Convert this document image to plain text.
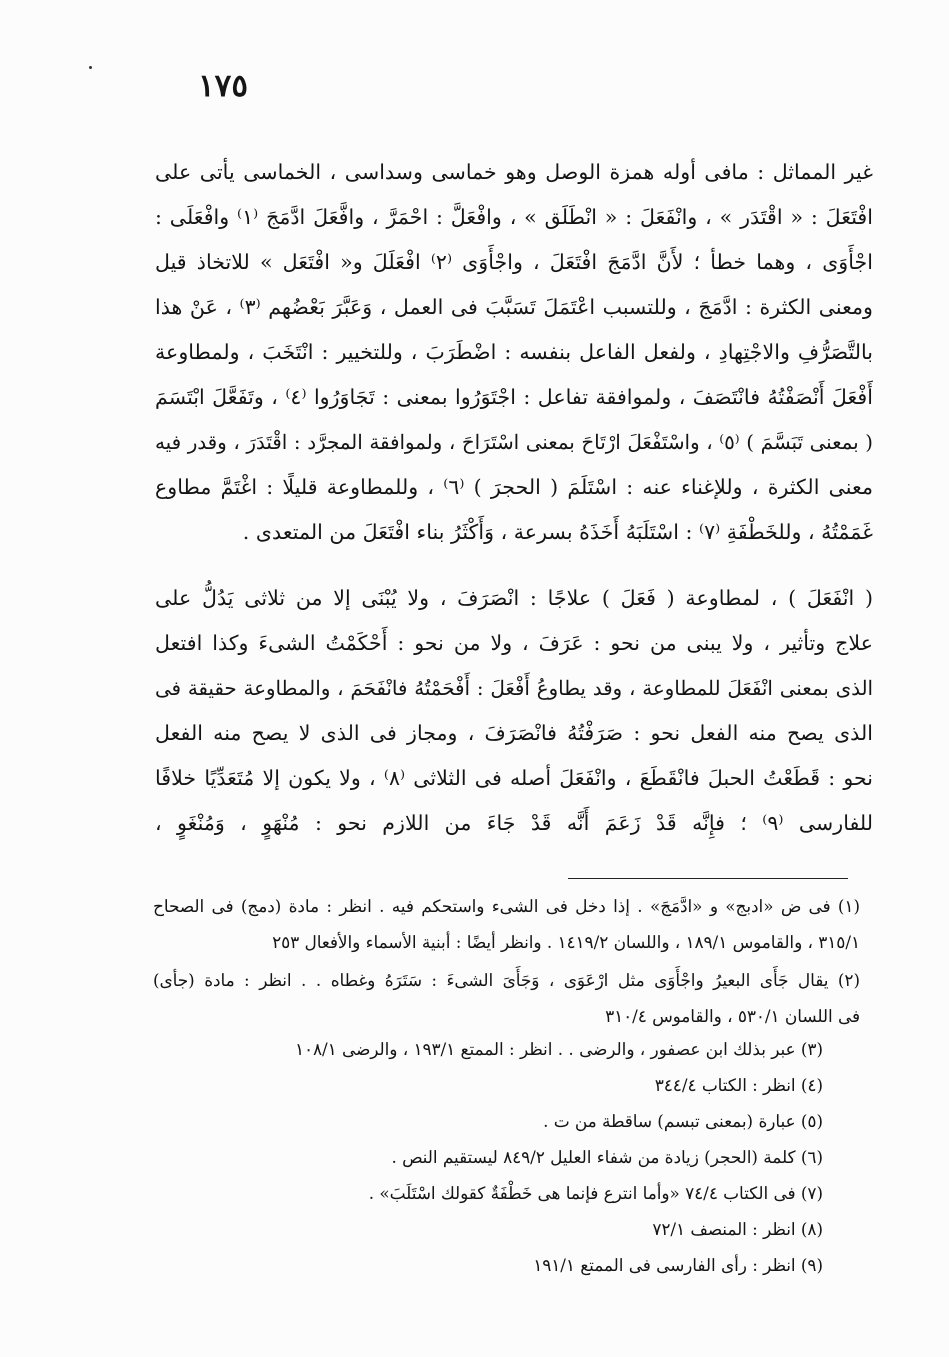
١٧٥
غير المماثل : مافى أوله همزة الوصل وهو خماسى وسداسى ، الخماسى يأتى على
افْتَعَلَ : « اقْتَدَر » ، وانْفَعَلَ : « انْطَلَق » ، وافْعَلَّ : احْمَرَّ ، وافَّعَلَ ادَّمَجَ ⁽١⁾ وافْعَلَى :
اجْأَوَى ، وهما خطأ ؛ لأَنَّ ادَّمَجَ افْتَعَلَ ، واجْأَوَى ⁽٢⁾ افْعَلَلَ و« افْتَعَل » للاتخاذ قيل
ومعنى الكثرة : ادَّمَجَ ، وللتسبب اعْتَمَلَ تَسَبَّبَ فى العمل ، وَعَبَّرَ بَعْضُهم ⁽٣⁾ ، عَنْ هذا
بالتَّصَرُّفِ والاجْتِهادِ ، ولفعل الفاعل بنفسه : اضْطَرَبَ ، وللتخيير : انْتَخَبَ ، ولمطاوعة
أَفْعَلَ أَنْصَفْتُهُ فانْتَصَفَ ، ولموافقة تفاعل : اجْتَوَرُوا بمعنى : تَجَاوَرُوا ⁽٤⁾ ، وتَفَعَّلَ ابْتَسَمَ
( بمعنى تَبَسَّمَ ) ⁽٥⁾ ، واسْتَفْعَلَ ارْتَاحَ بمعنى اسْتَرَاحَ ، ولموافقة المجرَّد : اقْتَدَرَ ، وقدر فيه
معنى الكثرة ، وللإغناء عنه : اسْتَلَمَ ( الحجرَ ) ⁽٦⁾ ، وللمطاوعة قليلًا : اغْتَمَّ مطاوع
غَمَمْتُهُ ، وللخَطْفَةِ ⁽٧⁾ : اسْتَلَبَهُ أَخَذَهُ بسرعة ، وَأَكْثَرُ بناء افْتَعَلَ من المتعدى .
( انْفَعَلَ ) ، لمطاوعة ( فَعَلَ ) علاجًا : انْصَرَفَ ، ولا يُبْنَى إلا من ثلاثى يَدُلُّ على
علاج وتأثير ، ولا يبنى من نحو : عَرَفَ ، ولا من نحو : أَحْكَمْتُ الشىءَ وكذا افتعل
الذى بمعنى انْفَعَلَ للمطاوعة ، وقد يطاوعُ أَفْعَلَ : أَفْحَمْتُهُ فانْفَحَمَ ، والمطاوعة حقيقة فى
الذى يصح منه الفعل نحو : صَرَفْتُهُ فانْصَرَفَ ، ومجاز فى الذى لا يصح منه الفعل
نحو : قَطَعْتُ الحبلَ فانْقَطَعَ ، وانْفَعَلَ أصله فى الثلاثى ⁽٨⁾ ، ولا يكون إلا مُتَعَدِّيًا خلافًا
للفارسى ⁽٩⁾ ؛ فإِنَّه قَدْ زَعَمَ أَنَّه قَدْ جَاءَ من اللازم نحو : مُنْهَوٍ ، وَمُنْغَوٍ ،
(١) فى ض «ادبج» و «ادَّمَجَ» . إذا دخل فى الشىء واستحكم فيه . انظر : مادة (دمج) فى الصحاح
٣١٥/١ ، والقاموس ١٨٩/١ ، واللسان ١٤١٩/٢ . وانظر أيضًا : أبنية الأسماء والأفعال ٢٥٣
(٢) يقال جَأَى البعيرُ واجْأَوَى مثل ارْعَوَى ، وَجَأَىَ الشىءَ : سَتَرَهُ وغطاه . . انظر : مادة (جأى)
فى اللسان ٥٣٠/١ ، والقاموس ٣١٠/٤
(٣) عبر بذلك ابن عصفور ، والرضى . . انظر : الممتع ١٩٣/١ ، والرضى ١٠٨/١
(٤) انظر : الكتاب ٣٤٤/٤
(٥) عبارة (بمعنى تبسم) ساقطة من ت .
(٦) كلمة (الحجر) زيادة من شفاء العليل ٨٤٩/٢ ليستقيم النص .
(٧) فى الكتاب ٧٤/٤ «وأما انترع فإنما هى خَطْفَةٌ كقولك اسْتَلَبَ» .
(٨) انظر : المنصف ٧٢/١
(٩) انظر : رأى الفارسى فى الممتع ١٩١/١
